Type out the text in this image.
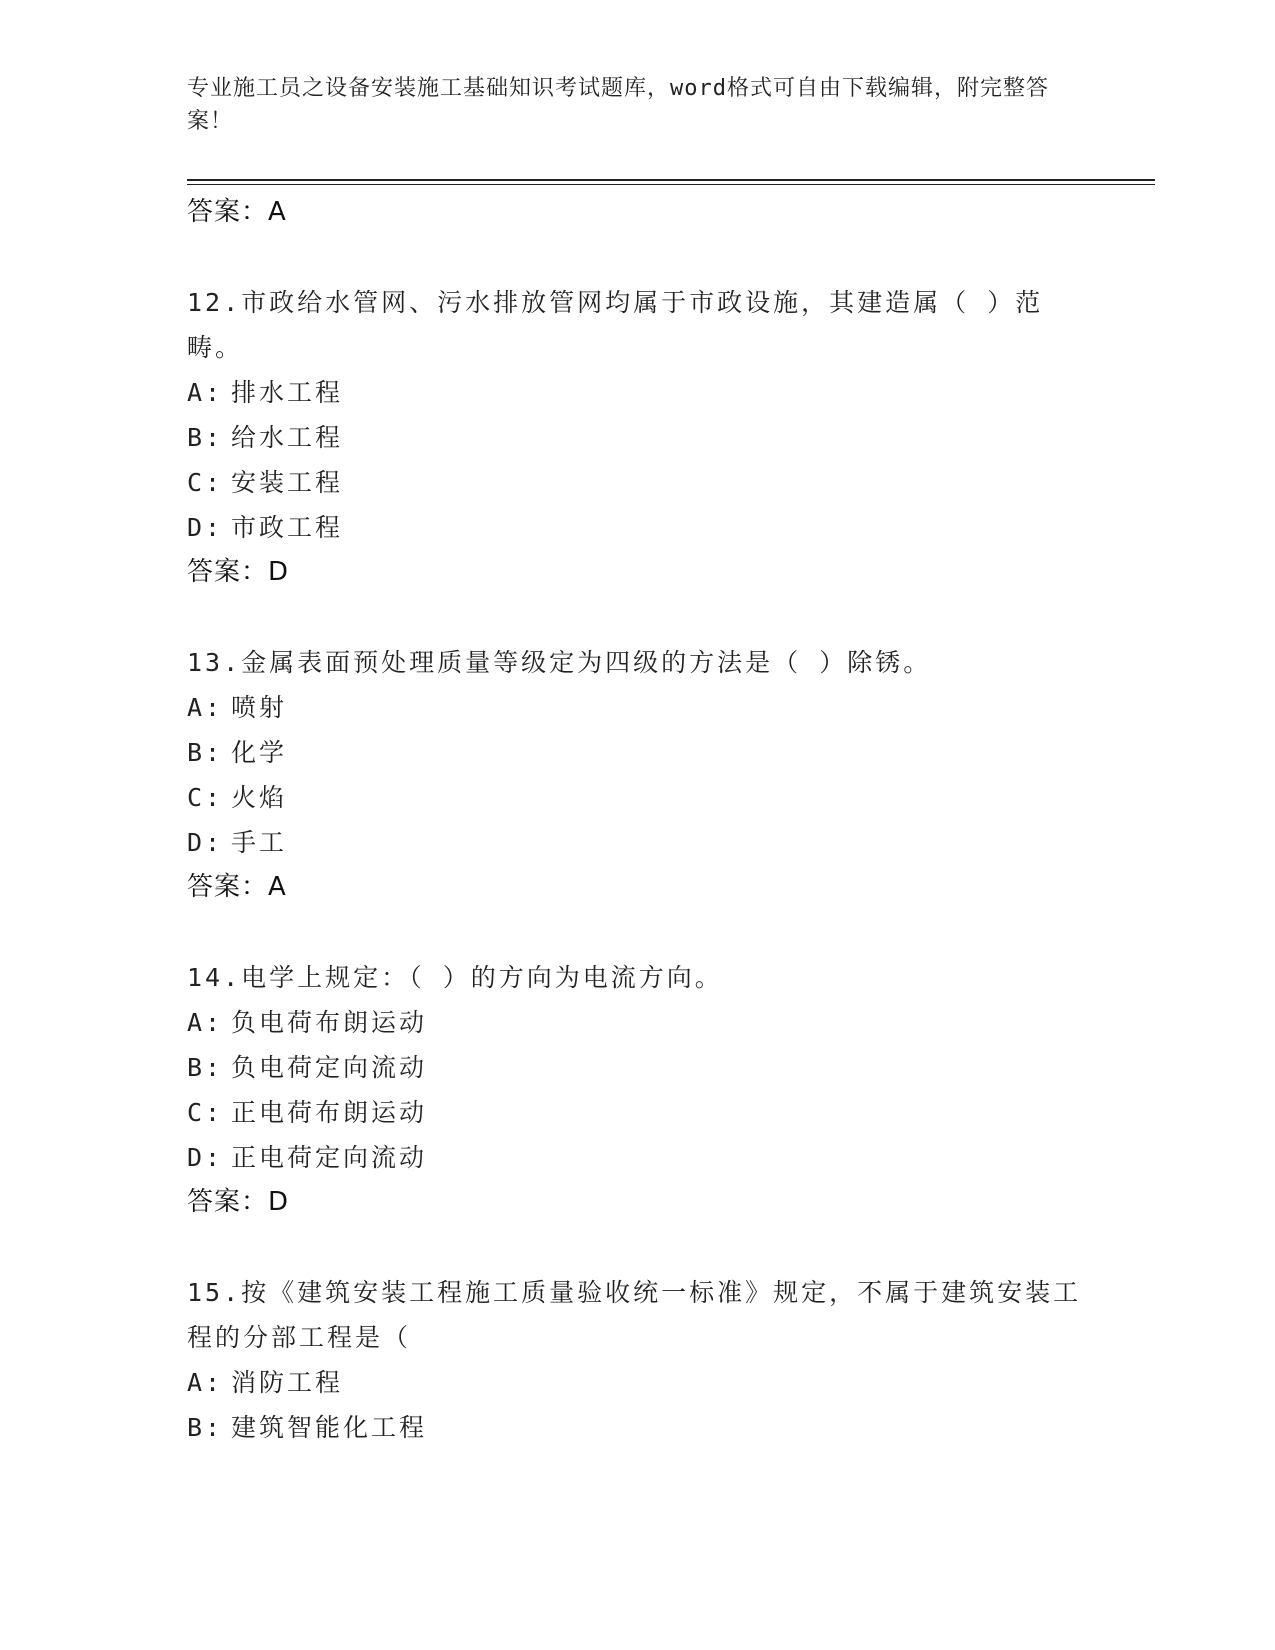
专业施工员之设备安装施工基础知识考试题库，word格式可自由下载编辑，附完整答案！
答案：A
12.市政给水管网、污水排放管网均属于市政设施，其建造属（ ）范畴。
A: 排水工程
B: 给水工程
C: 安装工程
D: 市政工程
答案：D
13.金属表面预处理质量等级定为四级的方法是（ ）除锈。
A: 喷射
B: 化学
C: 火焰
D: 手工
答案：A
14.电学上规定：（ ）的方向为电流方向。
A: 负电荷布朗运动
B: 负电荷定向流动
C: 正电荷布朗运动
D: 正电荷定向流动
答案：D
15.按《建筑安装工程施工质量验收统一标准》规定，不属于建筑安装工程的分部工程是（
A: 消防工程
B: 建筑智能化工程
